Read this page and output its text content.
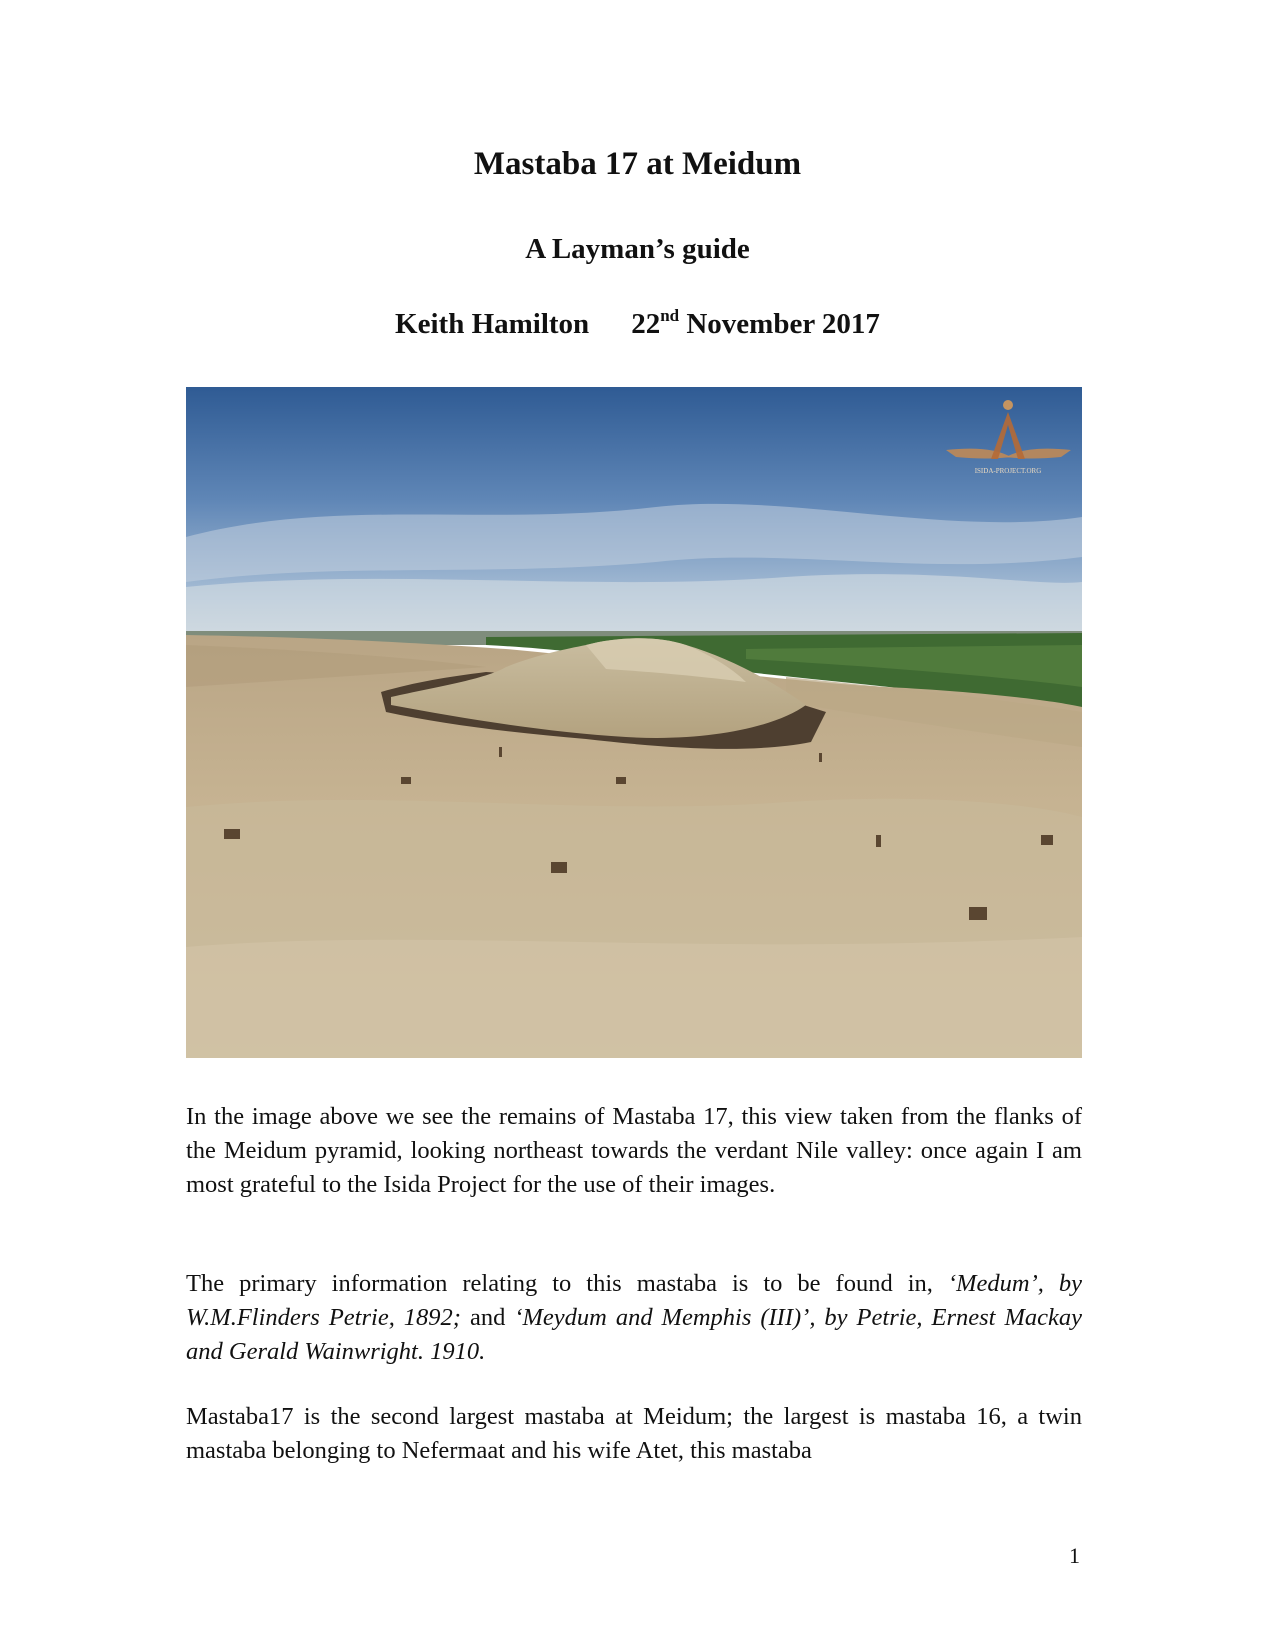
Mastaba 17 at Meidum
A Layman’s guide
Keith Hamilton 22nd November 2017
ISIDA-PROJECT.ORG

In the image above we see the remains of Mastaba 17, this view taken from the flanks of the Meidum pyramid, looking northeast towards the verdant Nile valley: once again I am most grateful to the Isida Project for the use of their images.

The primary information relating to this mastaba is to be found in, ‘Medum’, by W.M.Flinders Petrie, 1892; and ‘Meydum and Memphis (III)’, by Petrie, Ernest Mackay and Gerald Wainwright. 1910.

Mastaba17 is the second largest mastaba at Meidum; the largest is mastaba 16, a twin mastaba belonging to Nefermaat and his wife Atet, this mastaba

1
